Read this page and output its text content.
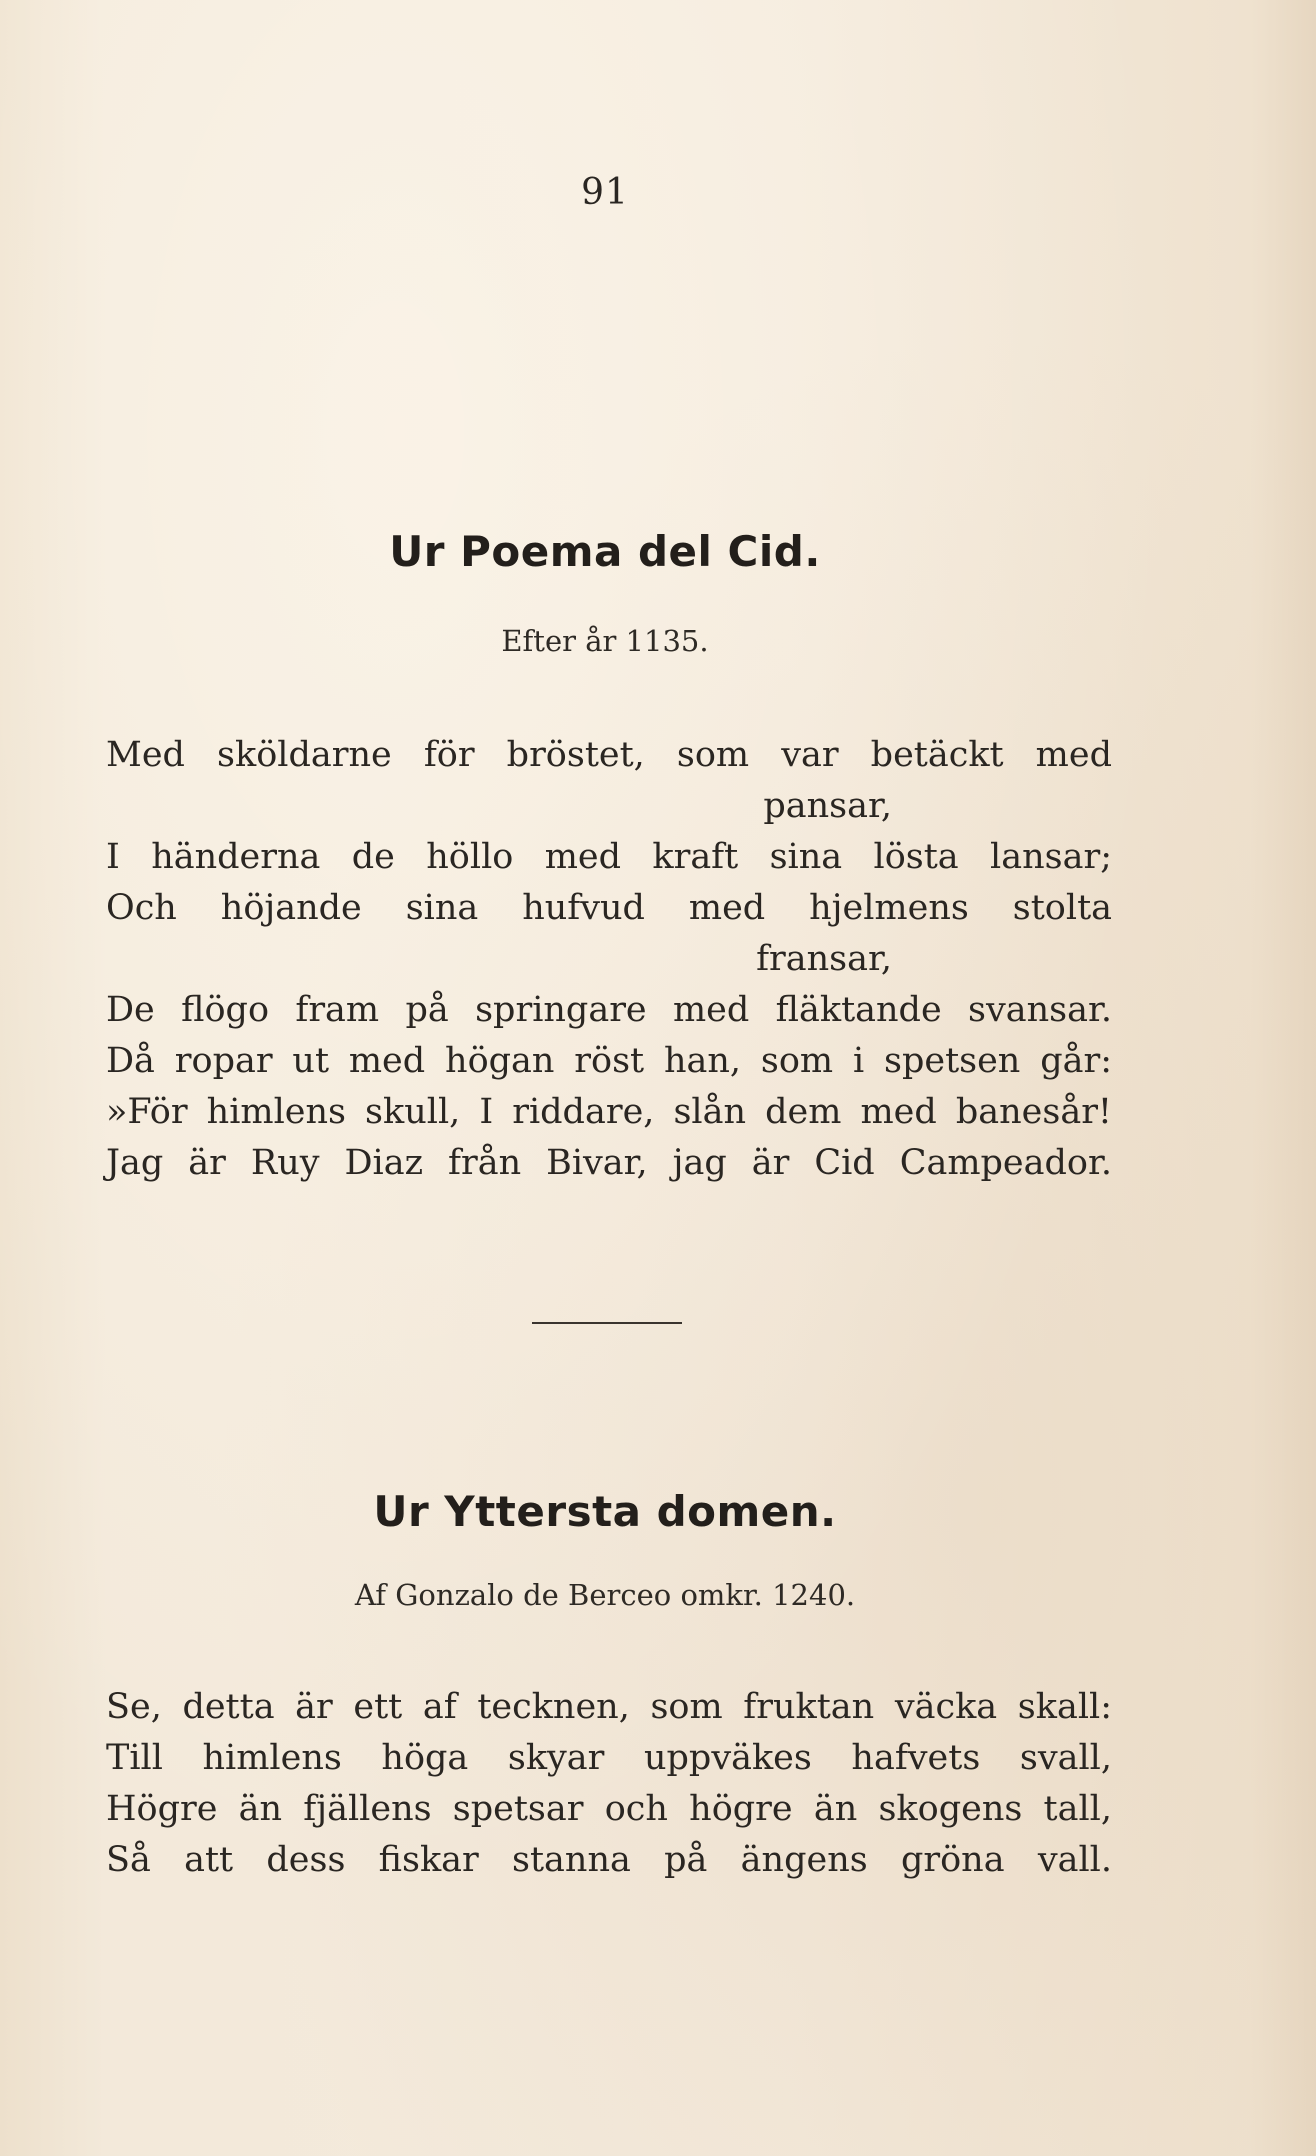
91
Ur Poema del Cid.
Efter år 1135.
Med sköldarne för bröstet, som var betäckt med
pansar,
I händerna de höllo med kraft sina lösta lansar;
Och höjande sina hufvud med hjelmens stolta
fransar,
De flögo fram på springare med fläktande svansar.
Då ropar ut med högan röst han, som i spetsen går:
»För himlens skull, I riddare, slån dem med banesår!
Jag är Ruy Diaz från Bivar, jag är Cid Campeador.
Ur Yttersta domen.
Af Gonzalo de Berceo omkr. 1240.
Se, detta är ett af tecknen, som fruktan väcka skall:
Till himlens höga skyar uppväkes hafvets svall,
Högre än fjällens spetsar och högre än skogens tall,
Så att dess fiskar stanna på ängens gröna vall.
